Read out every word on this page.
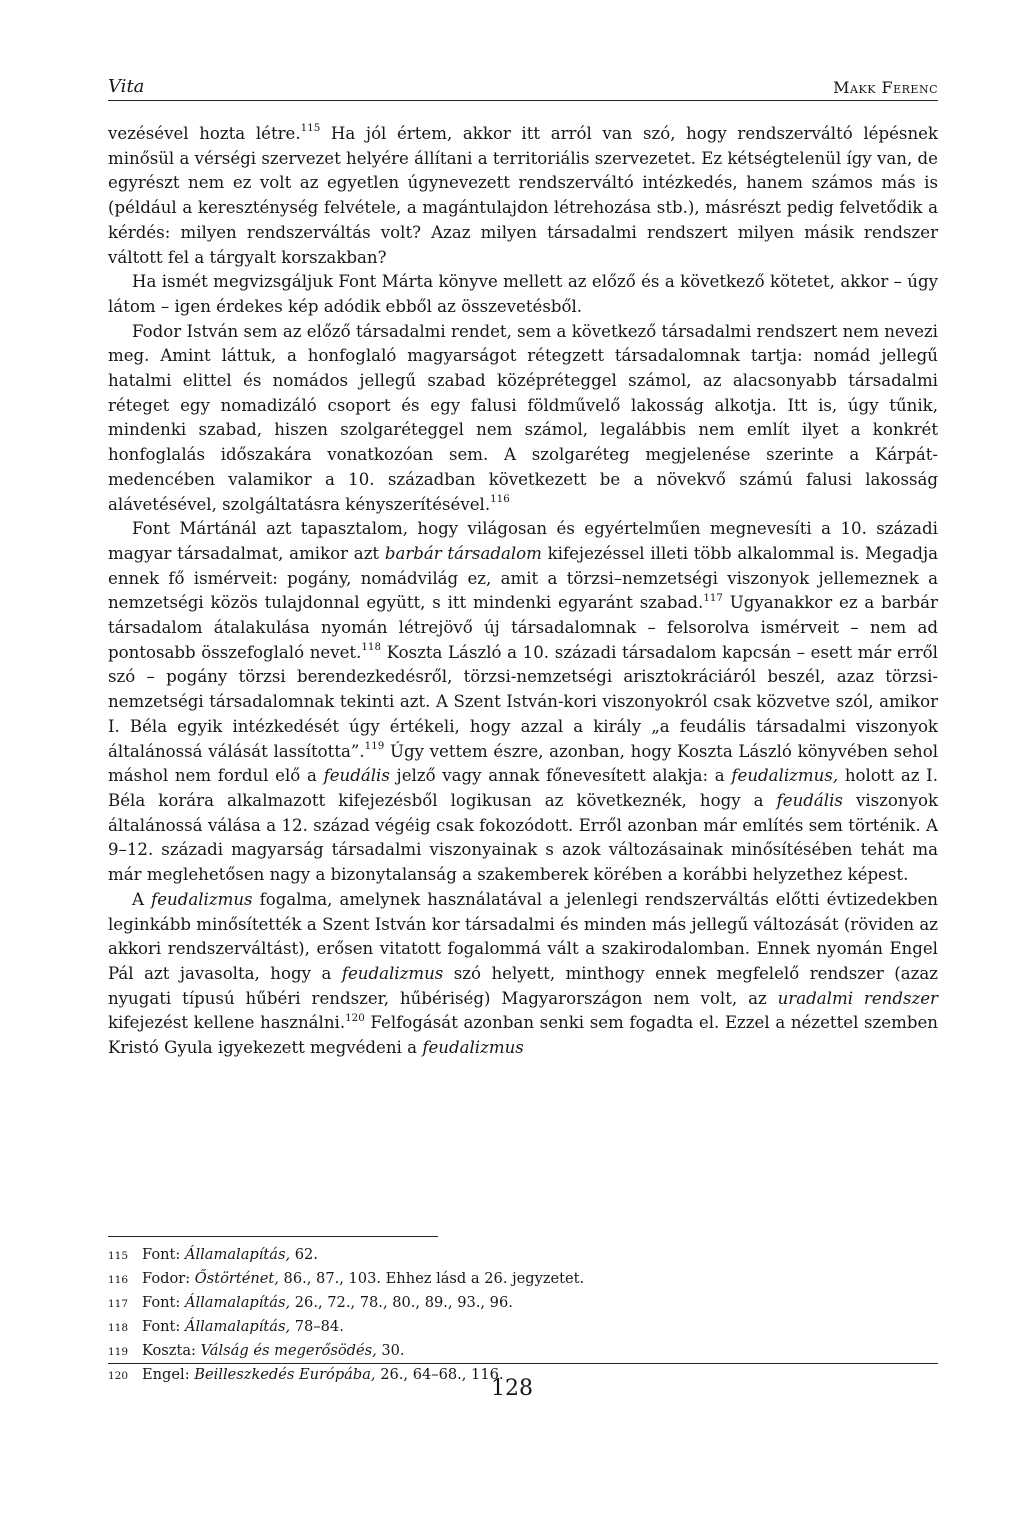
Vita	Makk Ferenc

vezésével hozta létre.$^{115}$ Ha jól értem, akkor itt arról van szó, hogy rendszerváltó lépésnek minősül a vérségi szervezet helyére állítani a territoriális szervezetet. Ez kétségtelenül így van, de egyrészt nem ez volt az egyetlen úgynevezett rendszerváltó intézkedés, hanem számos más is (például a kereszténység felvétele, a magántulajdon létrehozása stb.), másrészt pedig felvetődik a kérdés: milyen rendszerváltás volt? Azaz milyen társadalmi rendszert milyen másik rendszer váltott fel a tárgyalt korszakban?

Ha ismét megvizsgáljuk Font Márta könyve mellett az előző és a következő kötetet, akkor – úgy látom – igen érdekes kép adódik ebből az összevetésből.

Fodor István sem az előző társadalmi rendet, sem a következő társadalmi rendszert nem nevezi meg. Amint láttuk, a honfoglaló magyarságot rétegzett társadalomnak tartja: nomád jellegű hatalmi elittel és nomádos jellegű szabad középréteggel számol, az alacsonyabb társadalmi réteget egy nomadizáló csoport és egy falusi földművelő lakosság alkotja. Itt is, úgy tűnik, mindenki szabad, hiszen szolgaréteggel nem számol, legalábbis nem említ ilyet a konkrét honfoglalás időszakára vonatkozóan sem. A szolgaréteg megjelenése szerinte a Kárpát-medencében valamikor a 10. században következett be a növekvő számú falusi lakosság alávetésével, szolgáltatásra kényszerítésével.$^{116}$

Font Mártánál azt tapasztalom, hogy világosan és egyértelműen megnevesíti a 10. századi magyar társadalmat, amikor azt barbár társadalom kifejezéssel illeti több alkalommal is. Megadja ennek fő ismérveit: pogány, nomádvilág ez, amit a törzsi–nemzetségi viszonyok jellemeznek a nemzetségi közös tulajdonnal együtt, s itt mindenki egyaránt szabad.$^{117}$ Ugyanakkor ez a barbár társadalom átalakulása nyomán létrejövő új társadalomnak – felsorolva ismérveit – nem ad pontosabb összefoglaló nevet.$^{118}$ Koszta László a 10. századi társadalom kapcsán – esett már erről szó – pogány törzsi berendezkedésről, törzsi-nemzetségi arisztokráciáról beszél, azaz törzsi-nemzetségi társadalomnak tekinti azt. A Szent István-kori viszonyokról csak közvetve szól, amikor I. Béla egyik intézkedését úgy értékeli, hogy azzal a király „a feudális társadalmi viszonyok általánossá válását lassította”.$^{119}$ Úgy vettem észre, azonban, hogy Koszta László könyvében sehol máshol nem fordul elő a feudális jelző vagy annak főnevesített alakja: a feudalizmus, holott az I. Béla korára alkalmazott kifejezésből logikusan az következnék, hogy a feudális viszonyok általánossá válása a 12. század végéig csak fokozódott. Erről azonban már említés sem történik. A 9–12. századi magyarság társadalmi viszonyainak s azok változásainak minősítésében tehát ma már meglehetősen nagy a bizonytalanság a szakemberek körében a korábbi helyzethez képest.

A feudalizmus fogalma, amelynek használatával a jelenlegi rendszerváltás előtti évtizedekben leginkább minősítették a Szent István kor társadalmi és minden más jellegű változását (röviden az akkori rendszerváltást), erősen vitatott fogalommá vált a szakirodalomban. Ennek nyomán Engel Pál azt javasolta, hogy a feudalizmus szó helyett, minthogy ennek megfelelő rendszer (azaz nyugati típusú hűbéri rendszer, hűbériség) Magyarországon nem volt, az uradalmi rendszer kifejezést kellene használni.$^{120}$ Felfogását azonban senki sem fogadta el. Ezzel a nézettel szemben Kristó Gyula igyekezett megvédeni a feudalizmus

115 Font: Államalapítás, 62.
116 Fodor: Őstörténet, 86., 87., 103. Ehhez lásd a 26. jegyzetet.
117 Font: Államalapítás, 26., 72., 78., 80., 89., 93., 96.
118 Font: Államalapítás, 78–84.
119 Koszta: Válság és megerősödés, 30.
120 Engel: Beilleszkedés Európába, 26., 64–68., 116.
128
